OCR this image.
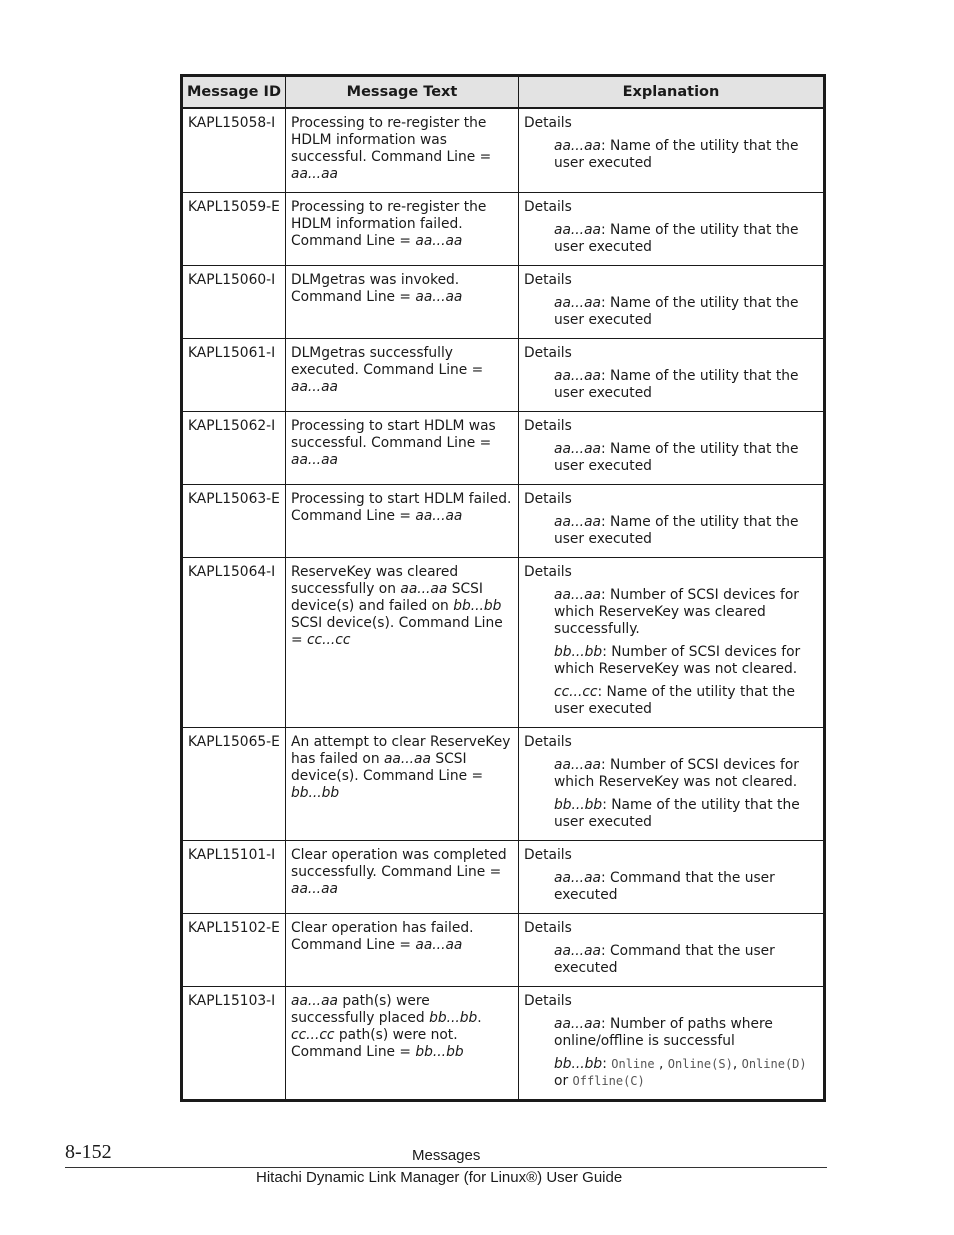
Message ID	Message Text	Explanation
KAPL15058-I	Processing to re-register the HDLM information was successful. Command Line = aa...aa	Details
aa...aa: Name of the utility that the user executed

KAPL15059-E	Processing to re-register the HDLM information failed. Command Line = aa...aa	Details
aa...aa: Name of the utility that the user executed

KAPL15060-I	DLMgetras was invoked. Command Line = aa...aa	Details
aa...aa: Name of the utility that the user executed

KAPL15061-I	DLMgetras successfully executed. Command Line = aa...aa	Details
aa...aa: Name of the utility that the user executed

KAPL15062-I	Processing to start HDLM was successful. Command Line = aa...aa	Details
aa...aa: Name of the utility that the user executed

KAPL15063-E	Processing to start HDLM failed. Command Line = aa...aa	Details
aa...aa: Name of the utility that the user executed

KAPL15064-I	ReserveKey was cleared successfully on aa...aa SCSI device(s) and failed on bb...bb SCSI device(s). Command Line = cc...cc	Details
aa...aa: Number of SCSI devices for which ReserveKey was cleared successfully.
bb...bb: Number of SCSI devices for which ReserveKey was not cleared.
cc...cc: Name of the utility that the user executed

KAPL15065-E	An attempt to clear ReserveKey has failed on aa...aa SCSI device(s). Command Line = bb...bb	Details
aa...aa: Number of SCSI devices for which ReserveKey was not cleared.
bb...bb: Name of the utility that the user executed

KAPL15101-I	Clear operation was completed successfully. Command Line = aa...aa	Details
aa...aa: Command that the user executed

KAPL15102-E	Clear operation has failed. Command Line = aa...aa	Details
aa...aa: Command that the user executed

KAPL15103-I	aa...aa path(s) were successfully placed bb...bb. cc...cc path(s) were not. Command Line = bb...bb	Details
aa...aa: Number of paths where online/offline is successful
bb...bb: Online , Online(S), Online(D) or Offline(C)
8-152	Messages
Hitachi Dynamic Link Manager (for Linux®) User Guide
